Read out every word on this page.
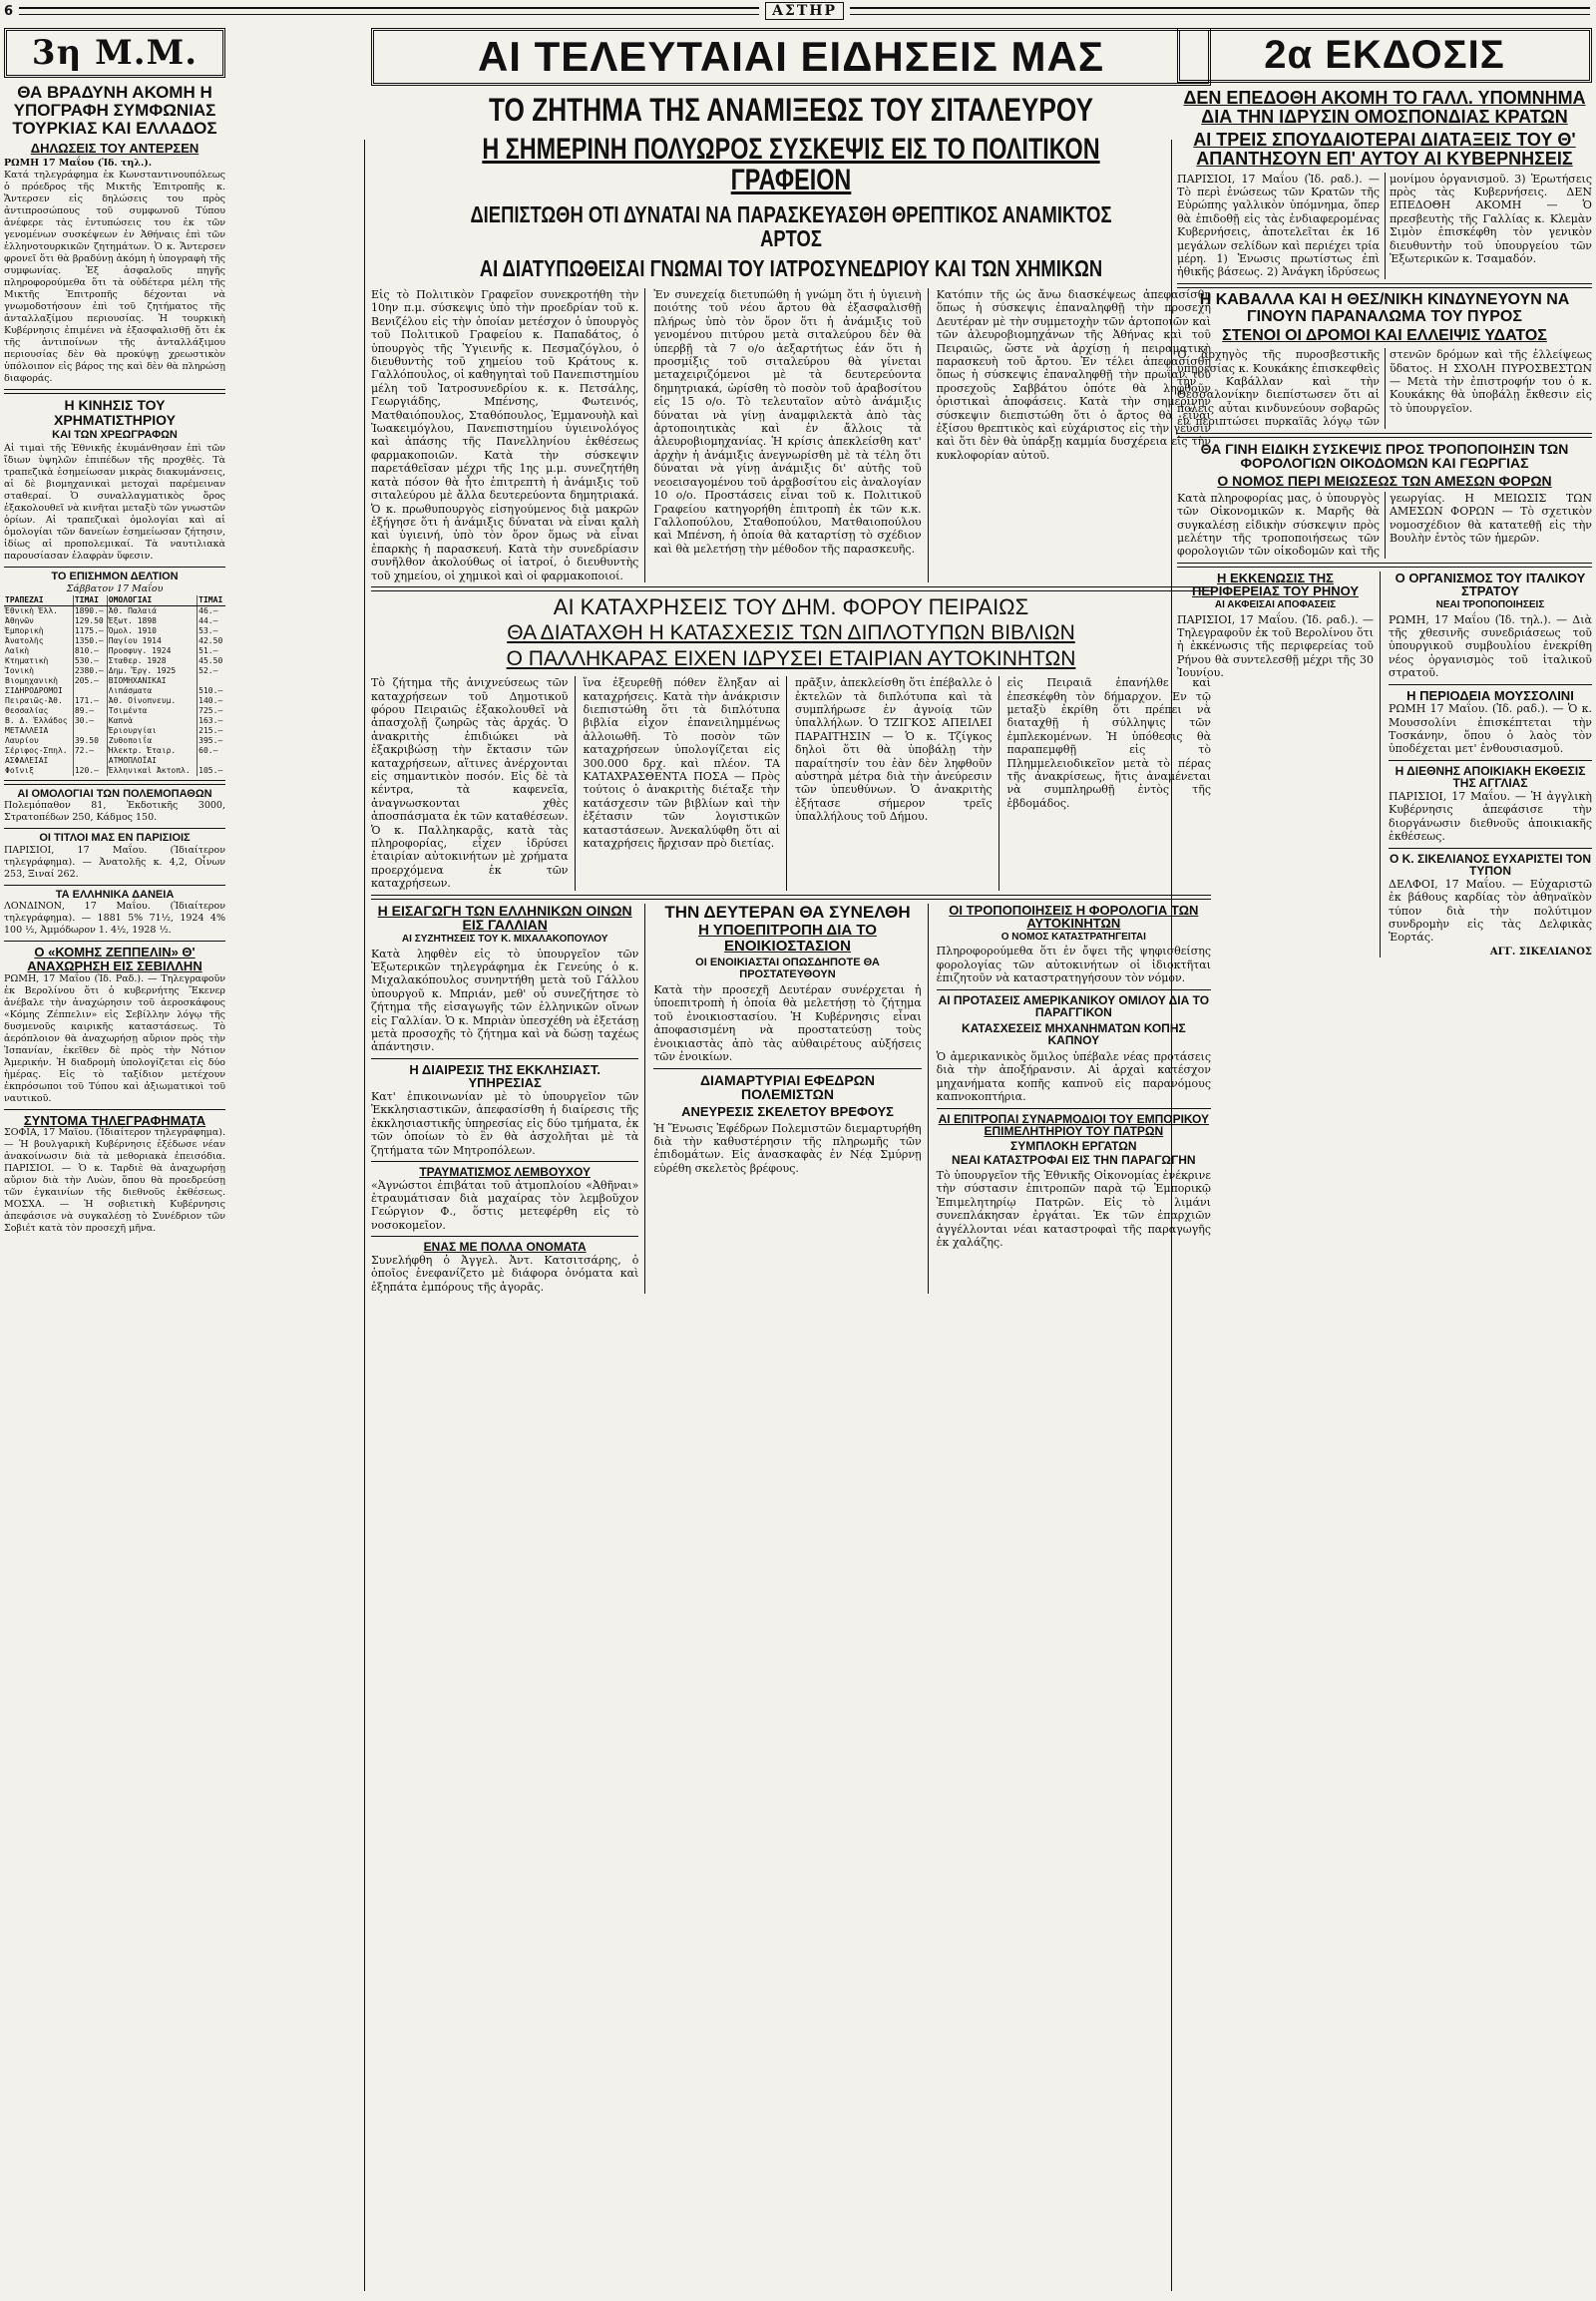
6	ΑΣΤΗΡ
3η Μ.Μ.
ΘΑ ΒΡΑΔΥΝΗ ΑΚΟΜΗ Η ΥΠΟΓΡΑΦΗ ΣΥΜΦΩΝΙΑΣ ΤΟΥΡΚΙΑΣ ΚΑΙ ΕΛΛΑΔΟΣ
ΔΗΛΩΣΕΙΣ ΤΟΥ ΑΝΤΕΡΣΕΝ
ΡΩΜΗ 17 Μαΐου (Ἰδ. τηλ.).
Κατά τηλεγράφημα ἐκ Κωνσταντινουπόλεως ὁ πρόεδρος τῆς Μικτῆς Ἐπιτροπῆς κ. Ἄντερσεν εἰς δηλώσεις του πρὸς ἀντιπροσώπους τοῦ συμφωνοῦ Τύπου ἀνέφερε τὰς ἐντυπώσεις του ἐκ τῶν γενομένων συσκέψεων ἐν Ἀθήναις ἐπὶ τῶν ἑλληνοτουρκικῶν ζητημάτων. Ὁ κ. Ἄντερσεν φρονεῖ ὅτι θὰ βραδύνῃ ἀκόμη ἡ ὑπογραφὴ τῆς συμφωνίας. Ἐξ ἀσφαλοῦς πηγῆς πληροφορούμεθα ὅτι τὰ οὐδέτερα μέλη τῆς Μικτῆς Ἐπιτροπῆς δέχονται νὰ γνωμοδοτήσουν ἐπὶ τοῦ ζητήματος τῆς ἀνταλλαξίμου περιουσίας. Ἡ τουρκικὴ Κυβέρνησις ἐπιμένει νὰ ἐξασφαλισθῇ ὅτι ἐκ τῆς ἀντιποίνων τῆς ἀνταλλάξιμου περιουσίας δὲν θὰ προκύψῃ χρεωστικὸν ὑπόλοιπον εἰς βάρος της καὶ δὲν θὰ πληρώσῃ διαφοράς.
Η ΚΙΝΗΣΙΣ ΤΟΥ ΧΡΗΜΑΤΙΣΤΗΡΙΟΥ
ΚΑΙ ΤΩΝ ΧΡΕΩΓΡΑΦΩΝ
Αἱ τιμαὶ τῆς Ἐθνικῆς ἐκυμάνθησαν ἐπὶ τῶν ἴδιων ὑψηλῶν ἐπιπέδων τῆς προχθὲς. Τὰ τραπεζικὰ ἐσημείωσαν μικρὰς διακυμάνσεις, αἱ δὲ βιομηχανικαὶ μετοχαὶ παρέμειναν σταθεραί. Ὁ συναλλαγματικὸς ὅρος ἐξακολουθεῖ νὰ κινῆται μεταξὺ τῶν γνωστῶν ὁρίων. Αἱ τραπεζικαὶ ὁμολογίαι καὶ αἱ ὁμολογίαι τῶν δανείων ἐσημείωσαν ζήτησιν, ἰδίως αἱ προπολεμικαί. Τὰ ναυτιλιακὰ παρουσίασαν ἐλαφρὰν ὕφεσιν.
ΤΟ ΕΠΙΣΗΜΟΝ ΔΕΛΤΙΟΝ
Σάββατον 17 Μαΐου
ΤΡΑΠΕΖΑΙ	ΤΙΜΑΙ	ΟΜΟΛΟΓΙΑΙ	ΤΙΜΑΙ
Ἐθνικὴ Ἑλλ.	1890.—	Ἀθ. Παλαιά	46.—
Ἀθηνῶν	129.50	Ἐξωτ. 1898	44.—
Ἐμπορικὴ	1175.—	Ὁμολ. 1910	53.—
Ἀνατολῆς	1350.—	Παγίου 1914	42.50
Λαϊκὴ	810.—	Προσφυγ. 1924	51.—
Κτηματικὴ	530.—	Σταθερ. 1928	45.50
Ἰονικὴ	2380.—	Δημ. Ἔργ. 1925	52.—
Βιομηχανικὴ	205.—	ΒΙΟΜΗΧΑΝΙΚΑΙ	
ΣΙΔΗΡΟΔΡΟΜΟΙ		Λιπάσματα	510.—
Πειραιῶς-Ἀθ.	171.—	Ἀθ. Οἰνοπνευμ.	140.—
Θεσσαλίας	89.—	Τσιμέντα	725.—
Β. Δ. Ἑλλάδος	30.—	Καπνὰ	163.—
ΜΕΤΑΛΛΕΙΑ		Ἐριουργίαι	215.—
Λαυρίου	39.50	Ζυθοποιΐα	395.—
Σέριφος-Σπηλ.	72.—	Ἠλεκτρ. Ἐταιρ.	60.—
ΑΣΦΑΛΕΙΑΙ		ΑΤΜΟΠΛΟΪΑΙ	
Φοῖνιξ	120.—	Ἑλληνικαὶ Ἀκτοπλ.	105.—
ΑΙ ΟΜΟΛΟΓΙΑΙ ΤΩΝ ΠΟΛΕΜΟΠΑΘΩΝ
Πολεμόπαθον 81, Ἐκδοτικῆς 3000, Στρατοπέδων 250, Κάδμος 150.
ΟΙ ΤΙΤΛΟΙ ΜΑΣ ΕΝ ΠΑΡΙΣΙΟΙΣ
ΠΑΡΙΣΙΟΙ, 17 Μαΐου. (Ἰδιαίτερον τηλεγράφημα). — Ἀνατολῆς κ. 4,2, Οἶνων 253, Ξιναί 262.
ΤΑ ΕΛΛΗΝΙΚΑ ΔΑΝΕΙΑ
ΛΟΝΔΙΝΟΝ, 17 Μαΐου. (Ἰδιαίτερον τηλεγράφημα). — 1881 5% 71½, 1924 4% 100 ½, Ἀμμόδωρον 1. 4½, 1928 ½.
Ο «ΚΟΜΗΣ ΖΕΠΠΕΛΙΝ» Θ' ΑΝΑΧΩΡΗΣΗ ΕΙΣ ΣΕΒΙΛΛΗΝ
ΡΩΜΗ, 17 Μαΐου (Ἰδ. Ραδ.). — Τηλεγραφοῦν ἐκ Βερολίνου ὅτι ὁ κυβερνήτης Ἔκενερ ἀνέβαλε τὴν ἀναχώρησιν τοῦ ἀεροσκάφους «Κόμης Ζέππελιν» εἰς Σεβίλλην λόγῳ τῆς δυσμενοῦς καιρικῆς καταστάσεως. Τὸ ἀερόπλοιον θὰ ἀναχωρήσῃ αὔριον πρὸς τὴν Ἰσπανίαν, ἐκεῖθεν δὲ πρὸς τὴν Νότιον Ἀμερικήν. Ἡ διαδρομὴ ὑπολογίζεται εἰς δύο ἡμέρας. Εἰς τὸ ταξίδιον μετέχουν ἐκπρόσωποι τοῦ Τύπου καὶ ἀξιωματικοὶ τοῦ ναυτικοῦ.
ΣΥΝΤΟΜΑ ΤΗΛΕΓΡΑΦΗΜΑΤΑ
ΣΟΦΙΑ, 17 Μαΐου. (Ἰδιαίτερον τηλεγράφημα). — Ἡ βουλγαρικὴ Κυβέρνησις ἐξέδωσε νέαν ἀνακοίνωσιν διὰ τὰ μεθοριακὰ ἐπεισόδια. ΠΑΡΙΣΙΟΙ. — Ὁ κ. Ταρδιὲ θὰ ἀναχωρήσῃ αὔριον διὰ τὴν Λυὼν, ὅπου θὰ προεδρεύσῃ τῶν ἐγκαινίων τῆς διεθνοῦς ἐκθέσεως. ΜΟΣΧΑ. — Ἡ σοβιετικὴ Κυβέρνησις ἀπεφάσισε νὰ συγκαλέσῃ τὸ Συνέδριον τῶν Σοβιέτ κατὰ τὸν προσεχῆ μῆνα.
ΑΙ ΤΕΛΕΥΤΑΙΑΙ ΕΙΔΗΣΕΙΣ ΜΑΣ
ΤΟ ΖΗΤΗΜΑ ΤΗΣ ΑΝΑΜΙΞΕΩΣ ΤΟΥ ΣΙΤΑΛΕΥΡΟΥ
Η ΣΗΜΕΡΙΝΗ ΠΟΛΥΩΡΟΣ ΣΥΣΚΕΨΙΣ ΕΙΣ ΤΟ ΠΟΛΙΤΙΚΟΝ ΓΡΑΦΕΙΟΝ
ΔΙΕΠΙΣΤΩΘΗ ΟΤΙ ΔΥΝΑΤΑΙ ΝΑ ΠΑΡΑΣΚΕΥΑΣΘΗ ΘΡΕΠΤΙΚΟΣ ΑΝΑΜΙΚΤΟΣ ΑΡΤΟΣ
ΑΙ ΔΙΑΤΥΠΩΘΕΙΣΑΙ ΓΝΩΜΑΙ ΤΟΥ ΙΑΤΡΟΣΥΝΕΔΡΙΟΥ ΚΑΙ ΤΩΝ ΧΗΜΙΚΩΝ
Εἰς τὸ Πολιτικὸν Γραφεῖον συνεκροτήθη τὴν 10ην π.μ. σύσκεψις ὑπὸ τὴν προεδρίαν τοῦ κ. Βενιζέλου εἰς τὴν ὁποίαν μετέσχον ὁ ὑπουργὸς τοῦ Πολιτικοῦ Γραφείου κ. Παπαδάτος, ὁ ὑπουργὸς τῆς Ὑγιεινῆς κ. Πεσμαζόγλου, ὁ διευθυντὴς τοῦ χημείου τοῦ Κράτους κ. Γαλλόπουλος, οἱ καθηγηταὶ τοῦ Πανεπιστημίου μέλη τοῦ Ἰατροσυνεδρίου κ. κ. Πετσάλης, Γεωργιάδης, Μπένσης, Φωτεινός, Ματθαιόπουλος, Σταθόπουλος, Ἐμμανουὴλ καὶ Ἰωακειμόγλου, Πανεπιστημίου ὑγιεινολόγος καὶ ἀπάσης τῆς Πανελληνίου ἐκθέσεως φαρμακοποιῶν. Κατὰ τὴν σύσκεψιν παρετάθεῖσαν μέχρι τῆς 1ης μ.μ. συνεζητήθη κατὰ πόσον θὰ ἦτο ἐπιτρεπτὴ ἡ ἀνάμιξις τοῦ σιταλεύρου μὲ ἄλλα δευτερεύοντα δημητριακά. Ὁ κ. πρωθυπουργὸς εἰσηγούμενος διὰ μακρῶν ἐξήγησε ὅτι ἡ ἀνάμιξις δύναται νὰ εἶναι καλὴ καὶ ὑγιεινή, ὑπὸ τὸν ὅρον ὅμως νὰ εἶναι ἐπαρκὴς ἡ παρασκευή. Κατὰ τὴν συνεδρίασιν συνῆλθον ἀκολούθως οἱ ἰατροί, ὁ διευθυντὴς τοῦ χημείου, οἱ χημικοὶ καὶ οἱ φαρμακοποιοί.
Ἐν συνεχείᾳ διετυπώθη ἡ γνώμη ὅτι ἡ ὑγιεινὴ ποιότης τοῦ νέου ἄρτου θὰ ἐξασφαλισθῇ πλήρως ὑπὸ τὸν ὅρον ὅτι ἡ ἀνάμιξις τοῦ γενομένου πιτύρου μετὰ σιταλεύρου δὲν θὰ ὑπερβῇ τὰ 7 ο/ο ἀεξαρτήτως ἐάν ὅτι ἡ προσμίξις τοῦ σιταλεύρου θὰ γίνεται μεταχειριζόμενοι μὲ τὰ δευτερεύοντα δημητριακά, ὡρίσθη τὸ ποσὸν τοῦ ἀραβοσίτου εἰς 15 ο/ο. Τὸ τελευταῖον αὐτὸ ἀνάμιξις δύναται νὰ γίνῃ ἀναμφιλεκτὰ ἀπὸ τὰς ἀρτοποιητικὰς καὶ ἐν ἄλλοις τὰ ἀλευροβιομηχανίας. Ἡ κρίσις ἀπεκλείσθη κατ' ἀρχὴν ἡ ἀνάμιξις ἀνεγνωρίσθη μὲ τὰ τέλη ὅτι δύναται νὰ γίνῃ ἀνάμιξις δι' αὐτῆς τοῦ νεοεισαγομένου τοῦ ἀραβοσίτου εἰς ἀναλογίαν 10 ο/ο. Προστάσεις εἶναι τοῦ κ. Πολιτικοῦ Γραφείου κατηγορήθη ἐπιτροπὴ ἐκ τῶν κ.κ. Γαλλοπούλου, Σταθοπούλου, Ματθαιοπούλου καὶ Μπένση, ἡ ὁποία θὰ καταρτίσῃ τὸ σχέδιον καὶ θὰ μελετήσῃ τὴν μέθοδον τῆς παρασκευῆς.
Κατόπιν τῆς ὡς ἄνω διασκέψεως ἀπεφασίσθη ὅπως ἡ σύσκεψις ἐπαναληφθῇ τὴν προσεχῆ Δευτέραν μὲ τὴν συμμετοχὴν τῶν ἀρτοποιῶν καὶ τῶν ἀλευροβιομηχάνων τῆς Ἀθήνας καὶ τοῦ Πειραιῶς, ὥστε νὰ ἀρχίσῃ ἡ πειραματικὴ παρασκευὴ τοῦ ἄρτου. Ἐν τέλει ἀπεφασίσθη ὅπως ἡ σύσκεψις ἐπαναληφθῇ τὴν πρωΐαν τοῦ προσεχοῦς Σαββάτου ὁπότε θὰ ληφθοῦν ὁριστικαὶ ἀποφάσεις. Κατὰ τὴν σημερινὴν σύσκεψιν διεπιστώθη ὅτι ὁ ἄρτος θὰ εἶναι ἐξίσου θρεπτικὸς καὶ εὐχάριστος εἰς τὴν γεῦσιν καὶ ὅτι δὲν θὰ ὑπάρξῃ καμμία δυσχέρεια εἰς τὴν κυκλοφορίαν αὐτοῦ.
ΑΙ ΚΑΤΑΧΡΗΣΕΙΣ ΤΟΥ ΔΗΜ. ΦΟΡΟΥ ΠΕΙΡΑΙΩΣ
ΘΑ ΔΙΑΤΑΧΘΗ Η ΚΑΤΑΣΧΕΣΙΣ ΤΩΝ ΔΙΠΛΟΤΥΠΩΝ ΒΙΒΛΙΩΝ
Ο ΠΑΛΛΗΚΑΡΑΣ ΕΙΧΕΝ ΙΔΡΥΣΕΙ ΕΤΑΙΡΙΑΝ ΑΥΤΟΚΙΝΗΤΩΝ
Τὸ ζήτημα τῆς ἀνιχνεύσεως τῶν καταχρήσεων τοῦ Δημοτικοῦ φόρου Πειραιῶς ἐξακολουθεῖ νὰ ἀπασχολῇ ζωηρῶς τὰς ἀρχάς. Ὁ ἀνακριτὴς ἐπιδιώκει νὰ ἐξακριβώσῃ τὴν ἔκτασιν τῶν καταχρήσεων, αἵτινες ἀνέρχονται εἰς σημαντικὸν ποσόν. Εἰς δὲ τὰ κέντρα, τὰ καφενεῖα, ἀναγνωσκονται χθὲς ἀποσπάσματα ἐκ τῶν καταθέσεων. Ὁ κ. Παλληκαρᾶς, κατὰ τὰς πληροφορίας, εἶχεν ἰδρύσει ἑταιρίαν αὐτοκινήτων μὲ χρήματα προερχόμενα ἐκ τῶν καταχρήσεων.
ἵνα ἐξευρεθῇ πόθεν ἔληξαν αἱ καταχρήσεις. Κατὰ τὴν ἀνάκρισιν διεπιστώθη ὅτι τὰ διπλότυπα βιβλία εἶχον ἐπανειλημμένως ἀλλοιωθῆ. Τὸ ποσὸν τῶν καταχρήσεων ὑπολογίζεται εἰς 300.000 δρχ. καὶ πλέον. ΤΑ ΚΑΤΑΧΡΑΣΘΕΝΤΑ ΠΟΣΑ — Πρὸς τούτοις ὁ ἀνακριτὴς διέταξε τὴν κατάσχεσιν τῶν βιβλίων καὶ τὴν ἐξέτασιν τῶν λογιστικῶν καταστάσεων. Ἀνεκαλύφθη ὅτι αἱ καταχρήσεις ἤρχισαν πρὸ διετίας.
πρᾶξιν, ἀπεκλείσθη ὅτι ἐπέβαλλε ὁ ἐκτελῶν τὰ διπλότυπα καὶ τὰ συμπλήρωσε ἐν ἀγνοίᾳ τῶν ὑπαλλήλων. Ὁ ΤΖΙΓΚΟΣ ΑΠΕΙΛΕΙ ΠΑΡΑΙΤΗΣΙΝ — Ὁ κ. Τζίγκος δηλοὶ ὅτι θὰ ὑποβάλῃ τὴν παραίτησίν του ἐὰν δὲν ληφθοῦν αὐστηρὰ μέτρα διὰ τὴν ἀνεύρεσιν τῶν ὑπευθύνων. Ὁ ἀνακριτὴς ἐξήτασε σήμερον τρεῖς ὑπαλλήλους τοῦ Δήμου.
εἰς Πειραιᾶ ἐπανήλθε καὶ ἐπεσκέφθη τὸν δήμαρχον. Ἐν τῷ μεταξὺ ἐκρίθη ὅτι πρέπει νὰ διαταχθῇ ἡ σύλληψις τῶν ἐμπλεκομένων. Ἡ ὑπόθεσις θὰ παραπεμφθῇ εἰς τὸ Πλημμελειοδικεῖον μετὰ τὸ πέρας τῆς ἀνακρίσεως, ἥτις ἀναμένεται νὰ συμπληρωθῇ ἐντὸς τῆς ἑβδομάδος.
Η ΕΙΣΑΓΩΓΗ ΤΩΝ ΕΛΛΗΝΙΚΩΝ ΟΙΝΩΝ ΕΙΣ ΓΑΛΛΙΑΝ
ΑΙ ΣΥΖΗΤΗΣΕΙΣ ΤΟΥ Κ. ΜΙΧΑΛΑΚΟΠΟΥΛΟΥ
Κατὰ ληφθὲν εἰς τὸ ὑπουργεῖον τῶν Ἐξωτερικῶν τηλεγράφημα ἐκ Γενεύης ὁ κ. Μιχαλακόπουλος συνηντήθη μετὰ τοῦ Γάλλου ὑπουργοῦ κ. Μπριάν, μεθ' οὗ συνεζήτησε τὸ ζήτημα τῆς εἰσαγωγῆς τῶν ἑλληνικῶν οἴνων εἰς Γαλλίαν. Ὁ κ. Μπριὰν ὑπεσχέθη νὰ ἐξετάσῃ μετὰ προσοχῆς τὸ ζήτημα καὶ νὰ δώσῃ ταχέως ἀπάντησιν.
Η ΔΙΑΙΡΕΣΙΣ ΤΗΣ ΕΚΚΛΗΣΙΑΣΤ. ΥΠΗΡΕΣΙΑΣ
Κατ' ἐπικοινωνίαν μὲ τὸ ὑπουργεῖον τῶν Ἐκκλησιαστικῶν, ἀπεφασίσθη ἡ διαίρεσις τῆς ἐκκλησιαστικῆς ὑπηρεσίας εἰς δύο τμήματα, ἐκ τῶν ὁποίων τὸ ἓν θὰ ἀσχολῆται μὲ τὰ ζητήματα τῶν Μητροπόλεων.
ΤΡΑΥΜΑΤΙΣΜΟΣ ΛΕΜΒΟΥΧΟΥ
«Ἀγνώστοι ἐπιβάται τοῦ ἀτμοπλοίου «Ἀθῆναι» ἐτραυμάτισαν διὰ μαχαίρας τὸν λεμβοῦχον Γεώργιον Φ., ὅστις μετεφέρθη εἰς τὸ νοσοκομεῖον.
ΕΝΑΣ ΜΕ ΠΟΛΛΑ ΟΝΟΜΑΤΑ
Συνελήφθη ὁ Ἀγγελ. Ἀντ. Κατσιτσάρης, ὁ ὁποῖος ἐνεφανίζετο μὲ διάφορα ὀνόματα καὶ ἐξηπάτα ἐμπόρους τῆς ἀγορᾶς.
ΤΗΝ ΔΕΥΤΕΡΑΝ ΘΑ ΣΥΝΕΛΘΗ
Η ΥΠΟΕΠΙΤΡΟΠΗ ΔΙΑ ΤΟ ΕΝΟΙΚΙΟΣΤΑΣΙΟΝ
ΟΙ ΕΝΟΙΚΙΑΣΤΑΙ ΟΠΩΣΔΗΠΟΤΕ ΘΑ ΠΡΟΣΤΑΤΕΥΘΟΥΝ
Κατὰ τὴν προσεχῆ Δευτέραν συνέρχεται ἡ ὑποεπιτροπὴ ἡ ὁποία θὰ μελετήσῃ τὸ ζήτημα τοῦ ἐνοικιοστασίου. Ἡ Κυβέρνησις εἶναι ἀποφασισμένη νὰ προστατεύσῃ τοὺς ἐνοικιαστὰς ἀπὸ τὰς αὐθαιρέτους αὐξήσεις τῶν ἐνοικίων.
ΔΙΑΜΑΡΤΥΡΙΑΙ ΕΦΕΔΡΩΝ ΠΟΛΕΜΙΣΤΩΝ
ΑΝΕΥΡΕΣΙΣ ΣΚΕΛΕΤΟΥ ΒΡΕΦΟΥΣ
Ἡ Ἕνωσις Ἐφέδρων Πολεμιστῶν διεμαρτυρήθη διὰ τὴν καθυστέρησιν τῆς πληρωμῆς τῶν ἐπιδομάτων. Εἰς ἀνασκαφὰς ἐν Νέᾳ Σμύρνῃ εὑρέθη σκελετὸς βρέφους.
ΟΙ ΤΡΟΠΟΠΟΙΗΣΕΙΣ Η ΦΟΡΟΛΟΓΙΑ ΤΩΝ ΑΥΤΟΚΙΝΗΤΩΝ
Ο ΝΟΜΟΣ ΚΑΤΑΣΤΡΑΤΗΓΕΙΤΑΙ
Πληροφορούμεθα ὅτι ἐν ὄψει τῆς ψηφισθείσης φορολογίας τῶν αὐτοκινήτων οἱ ἰδιοκτῆται ἐπιζητοῦν νὰ καταστρατηγήσουν τὸν νόμον.
ΑΙ ΠΡΟΤΑΣΕΙΣ ΑΜΕΡΙΚΑΝΙΚΟΥ ΟΜΙΛΟΥ ΔΙΑ ΤΟ ΠΑΡΑΓΓΙΚΟΝ
ΚΑΤΑΣΧΕΣΕΙΣ ΜΗΧΑΝΗΜΑΤΩΝ ΚΟΠΗΣ ΚΑΠΝΟΥ
Ὁ ἀμερικανικὸς ὅμιλος ὑπέβαλε νέας προτάσεις διὰ τὴν ἀποξήρανσιν. Αἱ ἀρχαὶ κατέσχον μηχανήματα κοπῆς καπνοῦ εἰς παρανόμους καπνοκοπτήρια.
ΑΙ ΕΠΙΤΡΟΠΑΙ ΣΥΝΑΡΜΟΔΙΟΙ ΤΟΥ ΕΜΠΟΡΙΚΟΥ ΕΠΙΜΕΛΗΤΗΡΙΟΥ ΤΟΥ ΠΑΤΡΩΝ
ΣΥΜΠΛΟΚΗ ΕΡΓΑΤΩΝ
ΝΕΑΙ ΚΑΤΑΣΤΡΟΦΑΙ ΕΙΣ ΤΗΝ ΠΑΡΑΓΩΓΗΝ
Τὸ ὑπουργεῖον τῆς Ἐθνικῆς Οἰκονομίας ἐνέκρινε τὴν σύστασιν ἐπιτροπῶν παρὰ τῷ Ἐμπορικῷ Ἐπιμελητηρίῳ Πατρῶν. Εἰς τὸ λιμάνι συνεπλάκησαν ἐργάται. Ἐκ τῶν ἐπαρχιῶν ἀγγέλλονται νέαι καταστροφαὶ τῆς παραγωγῆς ἐκ χαλάζης.
2α ΕΚΔΟΣΙΣ
ΔΕΝ ΕΠΕΔΟΘΗ ΑΚΟΜΗ ΤΟ ΓΑΛΛ. ΥΠΟΜΝΗΜΑ ΔΙΑ ΤΗΝ ΙΔΡΥΣΙΝ ΟΜΟΣΠΟΝΔΙΑΣ ΚΡΑΤΩΝ
ΑΙ ΤΡΕΙΣ ΣΠΟΥΔΑΙΟΤΕΡΑΙ ΔΙΑΤΑΞΕΙΣ ΤΟΥ Θ' ΑΠΑΝΤΗΣΟΥΝ ΕΠ' ΑΥΤΟΥ ΑΙ ΚΥΒΕΡΝΗΣΕΙΣ
ΠΑΡΙΣΙΟΙ, 17 Μαΐου (Ἰδ. ραδ.). — Τὸ περὶ ἑνώσεως τῶν Κρατῶν τῆς Εὐρώπης γαλλικὸν ὑπόμνημα, ὅπερ θὰ ἐπιδοθῇ εἰς τὰς ἐνδιαφερομένας Κυβερνήσεις, ἀποτελεῖται ἐκ 16 μεγάλων σελίδων καὶ περιέχει τρία μέρη. 1) Ἑνωσις πρωτίστως ἐπὶ ἠθικῆς βάσεως. 2) Ἀνάγκη ἰδρύσεως μονίμου ὀργανισμοῦ. 3) Ἐρωτήσεις πρὸς τὰς Κυβερνήσεις. ΔΕΝ ΕΠΕΔΟΘΗ ΑΚΟΜΗ — Ὁ πρεσβευτὴς τῆς Γαλλίας κ. Κλεμὰν Σιμὸν ἐπισκέφθη τὸν γενικὸν διευθυντὴν τοῦ ὑπουργείου τῶν Ἐξωτερικῶν κ. Τσαμαδόν.
Η ΚΑΒΑΛΛΑ ΚΑΙ Η ΘΕΣ/ΝΙΚΗ ΚΙΝΔΥΝΕΥΟΥΝ ΝΑ ΓΙΝΟΥΝ ΠΑΡΑΝΑΛΩΜΑ ΤΟΥ ΠΥΡΟΣ
ΣΤΕΝΟΙ ΟΙ ΔΡΟΜΟΙ ΚΑΙ ΕΛΛΕΙΨΙΣ ΥΔΑΤΟΣ
Ὁ ἀρχηγὸς τῆς πυροσβεστικῆς ὑπηρεσίας κ. Κουκάκης ἐπισκεφθεὶς τὴν Καβάλλαν καὶ τὴν Θεσσαλονίκην διεπίστωσεν ὅτι αἱ πόλεις αὗται κινδυνεύουν σοβαρῶς ἐν περιπτώσει πυρκαϊᾶς λόγῳ τῶν στενῶν δρόμων καὶ τῆς ἐλλείψεως ὕδατος. Η ΣΧΟΛΗ ΠΥΡΟΣΒΕΣΤΩΝ — Μετὰ τὴν ἐπιστροφήν του ὁ κ. Κουκάκης θὰ ὑποβάλῃ ἔκθεσιν εἰς τὸ ὑπουργεῖον.
ΘΑ ΓΙΝΗ ΕΙΔΙΚΗ ΣΥΣΚΕΨΙΣ ΠΡΟΣ ΤΡΟΠΟΠΟΙΗΣΙΝ ΤΩΝ ΦΟΡΟΛΟΓΙΩΝ ΟΙΚΟΔΟΜΩΝ ΚΑΙ ΓΕΩΡΓΙΑΣ
Ο ΝΟΜΟΣ ΠΕΡΙ ΜΕΙΩΣΕΩΣ ΤΩΝ ΑΜΕΣΩΝ ΦΟΡΩΝ
Κατὰ πληροφορίας μας, ὁ ὑπουργὸς τῶν Οἰκονομικῶν κ. Μαρῆς θὰ συγκαλέσῃ εἰδικὴν σύσκεψιν πρὸς μελέτην τῆς τροποποιήσεως τῶν φορολογιῶν τῶν οἰκοδομῶν καὶ τῆς γεωργίας. Η ΜΕΙΩΣΙΣ ΤΩΝ ΑΜΕΣΩΝ ΦΟΡΩΝ — Τὸ σχετικὸν νομοσχέδιον θὰ κατατεθῇ εἰς τὴν Βουλὴν ἐντὸς τῶν ἡμερῶν.
Η ΕΚΚΕΝΩΣΙΣ ΤΗΣ ΠΕΡΙΦΕΡΕΙΑΣ ΤΟΥ ΡΗΝΟΥ
ΑΙ ΑΚΦΕΙΣΑΙ ΑΠΟΦΑΣΕΙΣ
ΠΑΡΙΣΙΟΙ, 17 Μαΐου. (Ἰδ. ραδ.). — Τηλεγραφοῦν ἐκ τοῦ Βερολίνου ὅτι ἡ ἐκκένωσις τῆς περιφερείας τοῦ Ρήνου θὰ συντελεσθῇ μέχρι τῆς 30 Ἰουνίου.
Ο ΟΡΓΑΝΙΣΜΟΣ ΤΟΥ ΙΤΑΛΙΚΟΥ ΣΤΡΑΤΟΥ
ΝΕΑΙ ΤΡΟΠΟΠΟΙΗΣΕΙΣ
ΡΩΜΗ, 17 Μαΐου (Ἰδ. τηλ.). — Διὰ τῆς χθεσινῆς συνεδριάσεως τοῦ ὑπουργικοῦ συμβουλίου ἐνεκρίθη νέος ὀργανισμὸς τοῦ ἰταλικοῦ στρατοῦ.
Η ΠΕΡΙΟΔΕΙΑ ΜΟΥΣΣΟΛΙΝΙ
ΡΩΜΗ 17 Μαΐου. (Ἰδ. ραδ.). — Ὁ κ. Μουσσολίνι ἐπισκέπτεται τὴν Τοσκάνην, ὅπου ὁ λαὸς τὸν ὑποδέχεται μετ' ἐνθουσιασμοῦ.
Η ΔΙΕΘΝΗΣ ΑΠΟΙΚΙΑΚΗ ΕΚΘΕΣΙΣ ΤΗΣ ΑΓΓΛΙΑΣ
ΠΑΡΙΣΙΟΙ, 17 Μαΐου. — Ἡ ἀγγλικὴ Κυβέρνησις ἀπεφάσισε τὴν διοργάνωσιν διεθνοῦς ἀποικιακῆς ἐκθέσεως.
Ο Κ. ΣΙΚΕΛΙΑΝΟΣ ΕΥΧΑΡΙΣΤΕΙ ΤΟΝ ΤΥΠΟΝ
ΔΕΛΦΟΙ, 17 Μαΐου. — Εὐχαριστῶ ἐκ βάθους καρδίας τὸν ἀθηναϊκὸν τύπον διὰ τὴν πολύτιμον συνδρομὴν εἰς τὰς Δελφικὰς Ἑορτάς.
ΑΓΓ. ΣΙΚΕΛΙΑΝΟΣ
